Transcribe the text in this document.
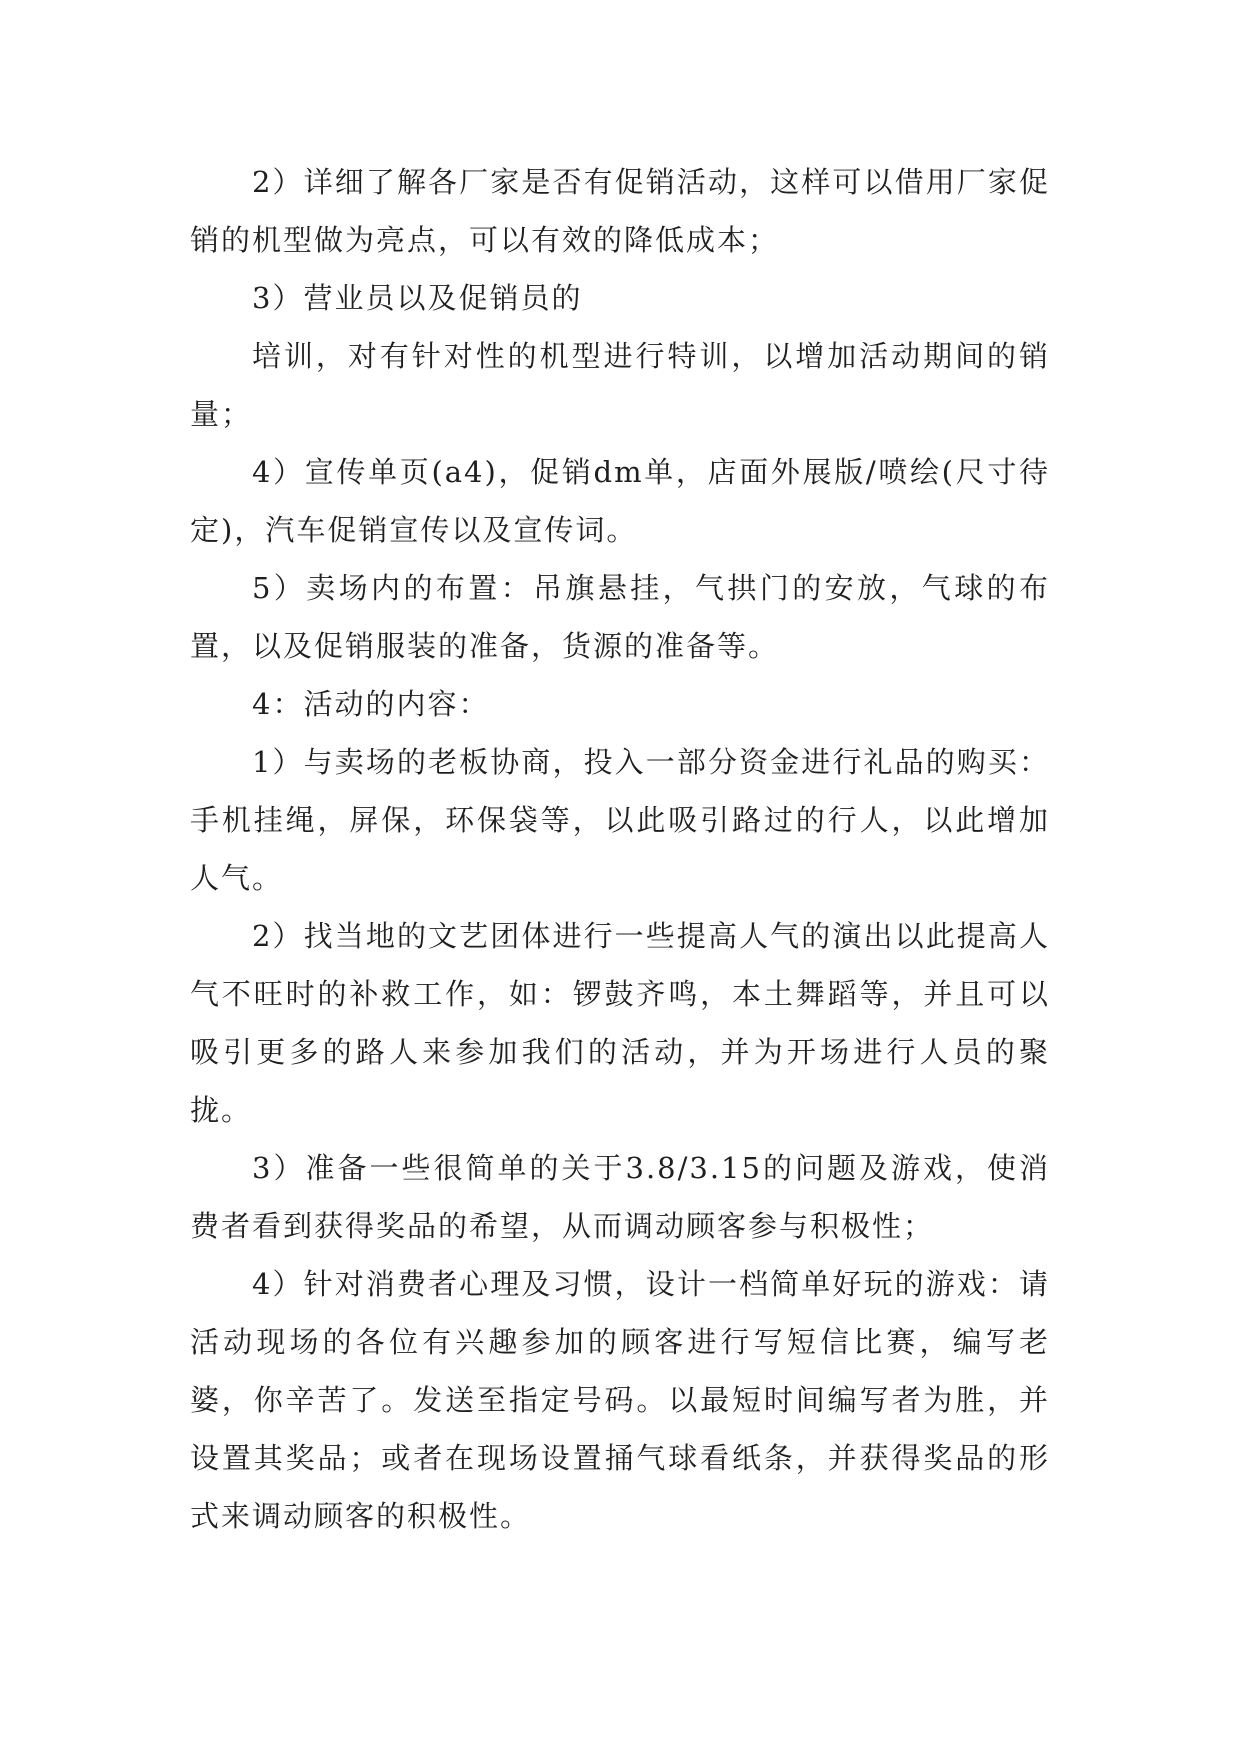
2）详细了解各厂家是否有促销活动，这样可以借用厂家促销的机型做为亮点，可以有效的降低成本；

3）营业员以及促销员的

培训，对有针对性的机型进行特训，以增加活动期间的销量；

4）宣传单页(a4)，促销dm单，店面外展版/喷绘(尺寸待定)，汽车促销宣传以及宣传词。

5）卖场内的布置：吊旗悬挂，气拱门的安放，气球的布置，以及促销服装的准备，货源的准备等。

4：活动的内容：

1）与卖场的老板协商，投入一部分资金进行礼品的购买：手机挂绳，屏保，环保袋等，以此吸引路过的行人，以此增加人气。

2）找当地的文艺团体进行一些提高人气的演出以此提高人气不旺时的补救工作，如：锣鼓齐鸣，本土舞蹈等，并且可以吸引更多的路人来参加我们的活动，并为开场进行人员的聚拢。

3）准备一些很简单的关于3.8/3.15的问题及游戏，使消费者看到获得奖品的希望，从而调动顾客参与积极性；

4）针对消费者心理及习惯，设计一档简单好玩的游戏：请活动现场的各位有兴趣参加的顾客进行写短信比赛，编写老婆，你辛苦了。发送至指定号码。以最短时间编写者为胜，并设置其奖品；或者在现场设置捅气球看纸条，并获得奖品的形式来调动顾客的积极性。
